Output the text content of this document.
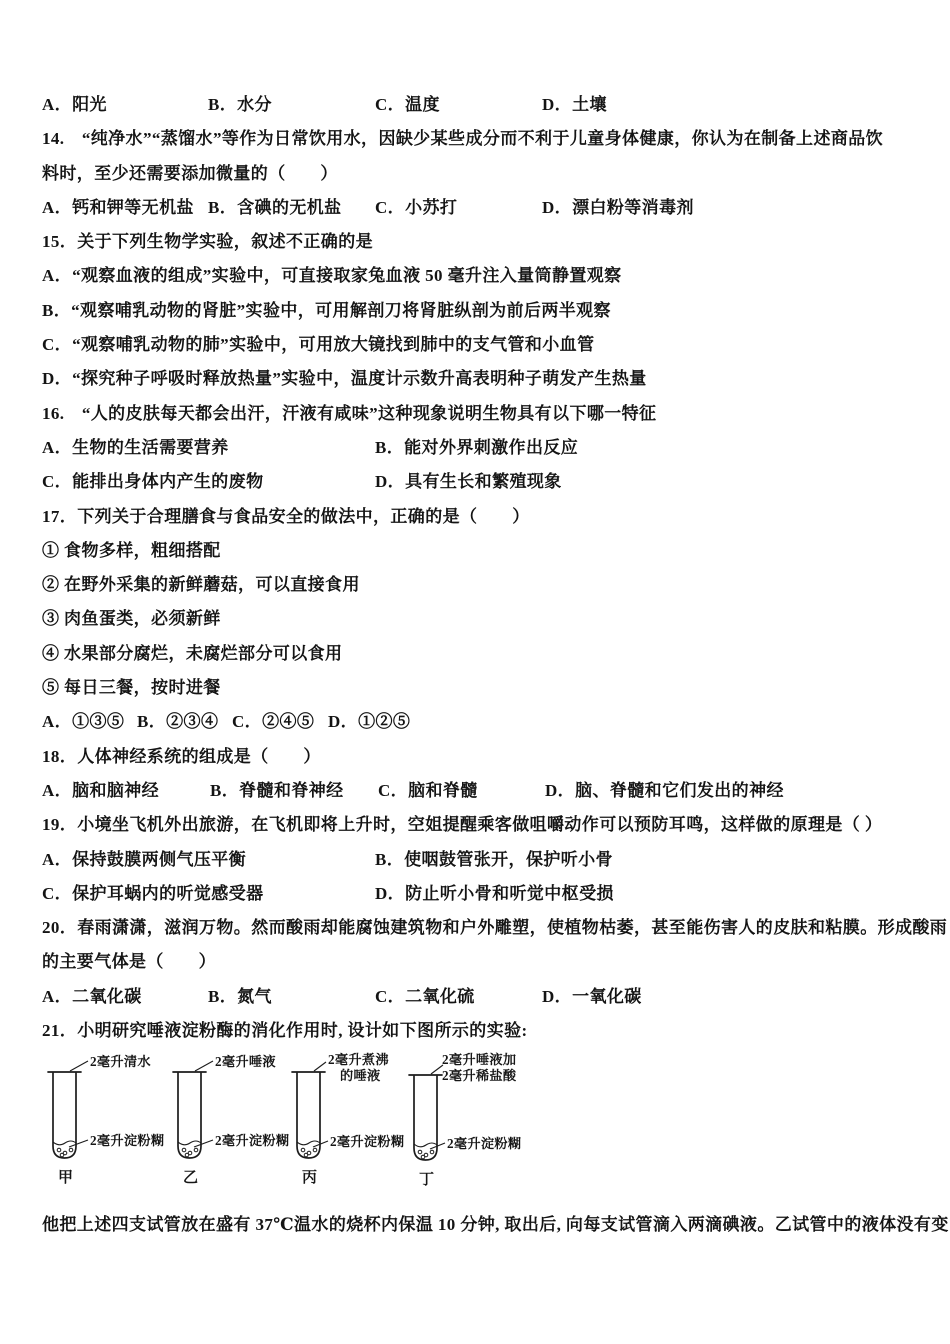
A．阳光	B．水分	C．温度	D．土壤
14.　“纯净水”“蒸馏水”等作为日常饮用水，因缺少某些成分而不利于儿童身体健康，你认为在制备上述商品饮
料时，至少还需要添加微量的（　　）
A．钙和钾等无机盐 B．含碘的无机盐 C．小苏打	D．漂白粉等消毒剂
15．关于下列生物学实验，叙述不正确的是
A．“观察血液的组成”实验中，可直接取家兔血液 50 毫升注入量筒静置观察
B．“观察哺乳动物的肾脏”实验中，可用解剖刀将肾脏纵剖为前后两半观察
C．“观察哺乳动物的肺”实验中，可用放大镜找到肺中的支气管和小血管
D．“探究种子呼吸时释放热量”实验中，温度计示数升高表明种子萌发产生热量
16.　“人的皮肤每天都会出汗，汗液有咸味”这种现象说明生物具有以下哪一特征
A．生物的生活需要营养	B．能对外界刺激作出反应
C．能排出身体内产生的废物	D．具有生长和繁殖现象
17．下列关于合理膳食与食品安全的做法中，正确的是（　　）
① 食物多样，粗细搭配
② 在野外采集的新鲜蘑菇，可以直接食用
③ 肉鱼蛋类，必须新鲜
④ 水果部分腐烂，未腐烂部分可以食用
⑤ 每日三餐，按时进餐
A．①③⑤ B．②③④ C．②④⑤ D．①②⑤
18．人体神经系统的组成是（　　）
A．脑和脑神经	B．脊髓和脊神经 C．脑和脊髓	D．脑、脊髓和它们发出的神经
19．小境坐飞机外出旅游，在飞机即将上升时，空姐提醒乘客做咀嚼动作可以预防耳鸣，这样做的原理是（ ）
A．保持鼓膜两侧气压平衡	B．使咽鼓管张开，保护听小骨
C．保护耳蜗内的听觉感受器	D．防止听小骨和听觉中枢受损
20．春雨潇潇，滋润万物。然而酸雨却能腐蚀建筑物和户外雕塑，使植物枯萎，甚至能伤害人的皮肤和粘膜。形成酸雨
的主要气体是（　　）
A．二氧化碳	B．氮气	C．二氧化硫	D．一氧化碳
21．小明研究唾液淀粉酶的消化作用时, 设计如下图所示的实验:
2毫升清水
2毫升淀粉糊
甲
2毫升唾液
2毫升淀粉糊
乙
2毫升煮沸
的唾液
2毫升淀粉糊
丙
2毫升唾液加
2毫升稀盐酸
2毫升淀粉糊
丁
他把上述四支试管放在盛有 37℃温水的烧杯内保温 10 分钟, 取出后, 向每支试管滴入两滴碘液。乙试管中的液体没有变
